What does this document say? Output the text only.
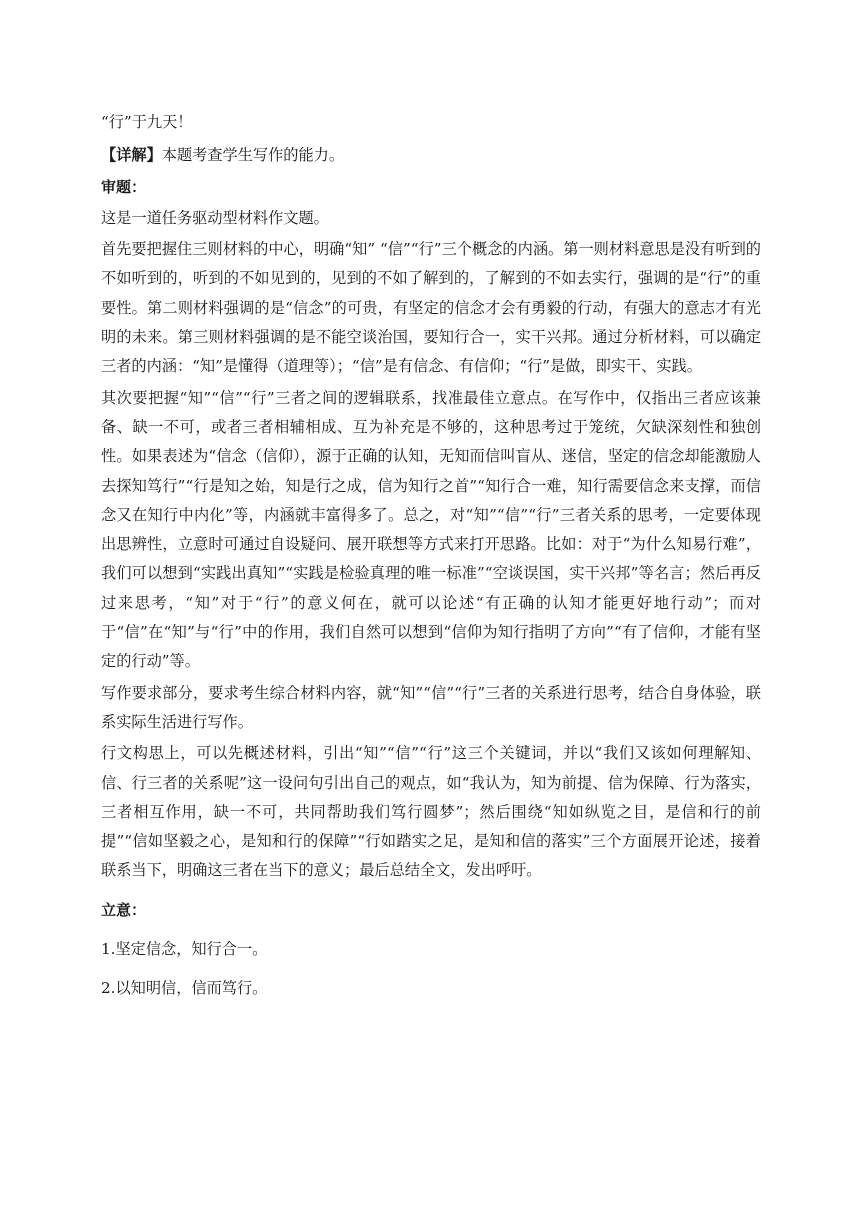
“行”于九天！

【详解】本题考查学生写作的能力。

审题：

这是一道任务驱动型材料作文题。

首先要把握住三则材料的中心，明确“知” “信”“行”三个概念的内涵。第一则材料意思是没有听到的不如听到的，听到的不如见到的，见到的不如了解到的，了解到的不如去实行，强调的是“行”的重要性。第二则材料强调的是“信念”的可贵，有坚定的信念才会有勇毅的行动，有强大的意志才有光明的未来。第三则材料强调的是不能空谈治国，要知行合一，实干兴邦。通过分析材料，可以确定三者的内涵：“知”是懂得（道理等）；“信”是有信念、有信仰；“行”是做，即实干、实践。

其次要把握“知”“信”“行”三者之间的逻辑联系，找准最佳立意点。在写作中，仅指出三者应该兼备、缺一不可，或者三者相辅相成、互为补充是不够的，这种思考过于笼统，欠缺深刻性和独创性。如果表述为“信念（信仰），源于正确的认知，无知而信叫盲从、迷信，坚定的信念却能激励人去探知笃行”“行是知之始，知是行之成，信为知行之首”“知行合一难，知行需要信念来支撑，而信念又在知行中内化”等，内涵就丰富得多了。总之，对“知”“信”“行”三者关系的思考，一定要体现出思辨性，立意时可通过自设疑问、展开联想等方式来打开思路。比如：对于“为什么知易行难”，我们可以想到“实践出真知”“实践是检验真理的唯一标准”“空谈误国，实干兴邦”等名言；然后再反过来思考，“知”对于“行”的意义何在，就可以论述“有正确的认知才能更好地行动”；而对于“信”在“知”与“行”中的作用，我们自然可以想到“信仰为知行指明了方向”“有了信仰，才能有坚定的行动”等。

写作要求部分，要求考生综合材料内容，就“知”“信”“行”三者的关系进行思考，结合自身体验，联系实际生活进行写作。

行文构思上，可以先概述材料，引出“知”“信”“行”这三个关键词，并以“我们又该如何理解知、信、行三者的关系呢”这一设问句引出自己的观点，如“我认为，知为前提、信为保障、行为落实，三者相互作用，缺一不可，共同帮助我们笃行圆梦”；然后围绕“知如纵览之目，是信和行的前提”“信如坚毅之心，是知和行的保障”“行如踏实之足，是知和信的落实”三个方面展开论述，接着联系当下，明确这三者在当下的意义；最后总结全文，发出呼吁。

立意：

1.坚定信念，知行合一。

2.以知明信，信而笃行。
